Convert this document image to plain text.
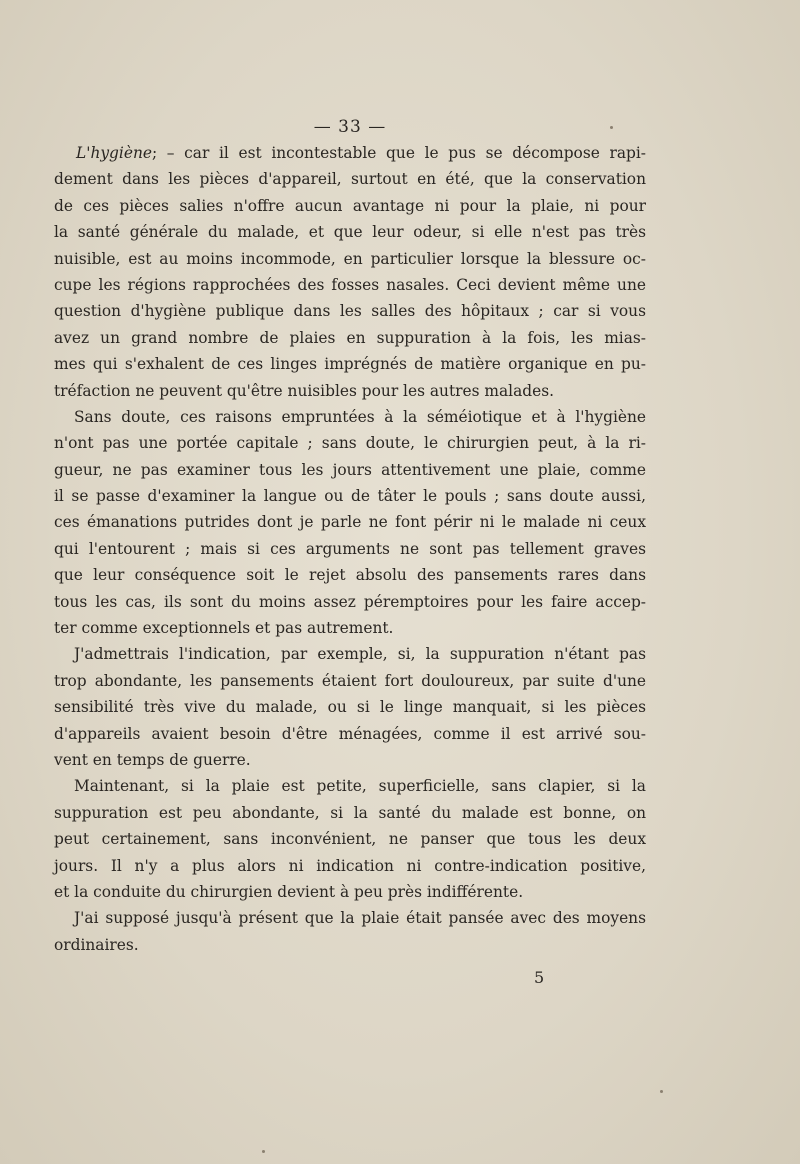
— 33 —
L'hygiène; – car il est incontestable que le pus se décompose rapi-
dement dans les pièces d'appareil, surtout en été, que la conservation
de ces pièces salies n'offre aucun avantage ni pour la plaie, ni pour
la santé générale du malade, et que leur odeur, si elle n'est pas très
nuisible, est au moins incommode, en particulier lorsque la blessure oc-
cupe les régions rapprochées des fosses nasales. Ceci devient même une
question d'hygiène publique dans les salles des hôpitaux ; car si vous
avez un grand nombre de plaies en suppuration à la fois, les mias-
mes qui s'exhalent de ces linges imprégnés de matière organique en pu-
tréfaction ne peuvent qu'être nuisibles pour les autres malades.
Sans doute, ces raisons empruntées à la séméiotique et à l'hygiène
n'ont pas une portée capitale ; sans doute, le chirurgien peut, à la ri-
gueur, ne pas examiner tous les jours attentivement une plaie, comme
il se passe d'examiner la langue ou de tâter le pouls ; sans doute aussi,
ces émanations putrides dont je parle ne font périr ni le malade ni ceux
qui l'entourent ; mais si ces arguments ne sont pas tellement graves
que leur conséquence soit le rejet absolu des pansements rares dans
tous les cas, ils sont du moins assez péremptoires pour les faire accep-
ter comme exceptionnels et pas autrement.
J'admettrais l'indication, par exemple, si, la suppuration n'étant pas
trop abondante, les pansements étaient fort douloureux, par suite d'une
sensibilité très vive du malade, ou si le linge manquait, si les pièces
d'appareils avaient besoin d'être ménagées, comme il est arrivé sou-
vent en temps de guerre.
Maintenant, si la plaie est petite, superficielle, sans clapier, si la
suppuration est peu abondante, si la santé du malade est bonne, on
peut certainement, sans inconvénient, ne panser que tous les deux
jours. Il n'y a plus alors ni indication ni contre-indication positive,
et la conduite du chirurgien devient à peu près indifférente.
J'ai supposé jusqu'à présent que la plaie était pansée avec des moyens
ordinaires.
5
